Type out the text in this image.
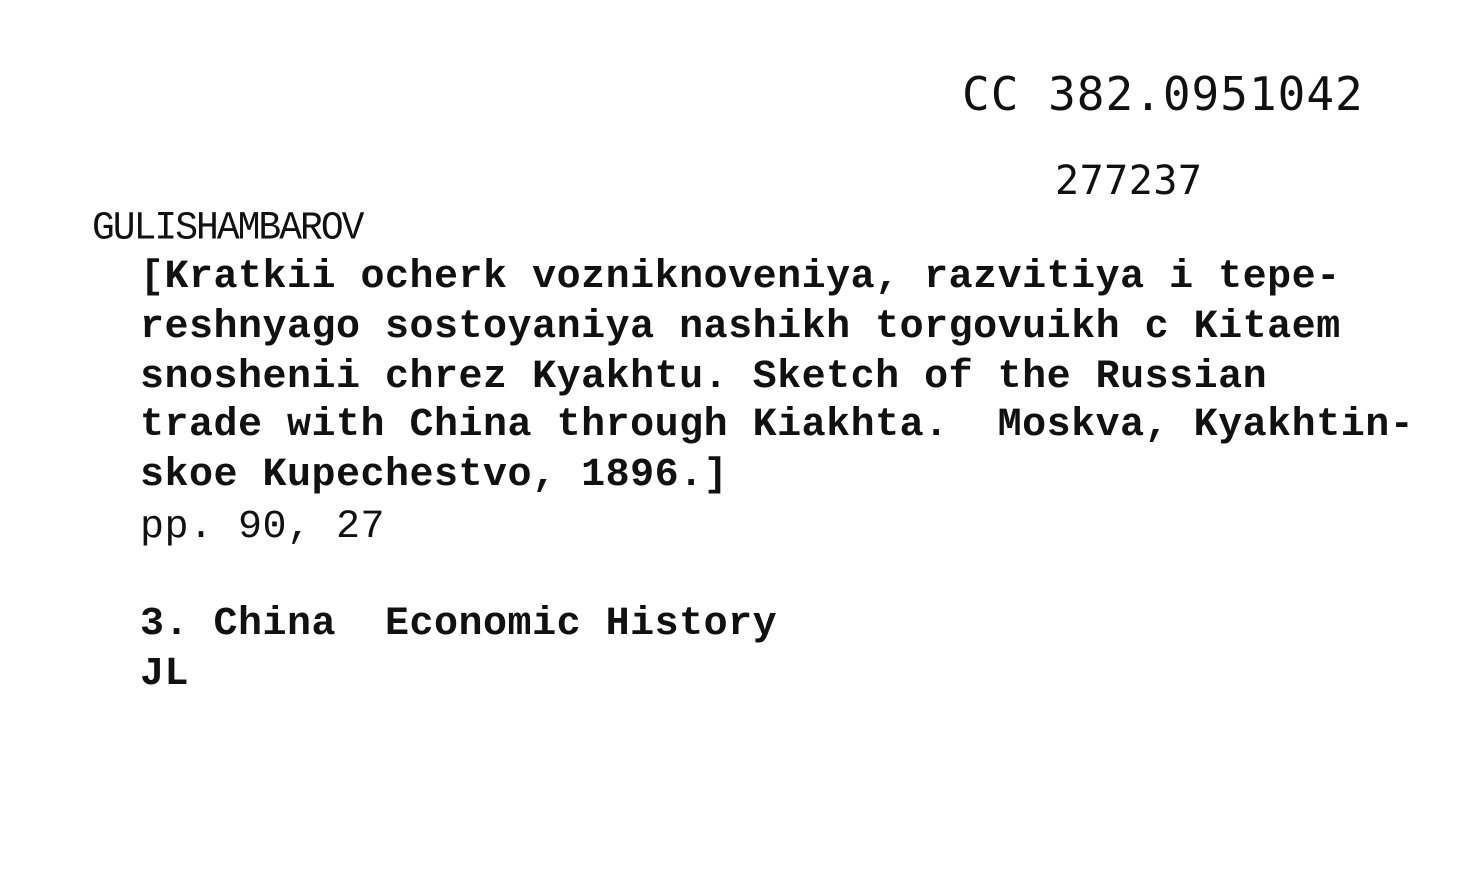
CC 382.0951042
277237
GULISHAMBAROV
[Kratkii ocherk vozniknoveniya, razvitiya i tepe-
reshnyago sostoyaniya nashikh torgovuikh c Kitaem
snoshenii chrez Kyakhtu. Sketch of the Russian
trade with China through Kiakhta.  Moskva, Kyakhtin-
skoe Kupechestvo, 1896.]
pp. 90, 27
3. China  Economic History
JL
